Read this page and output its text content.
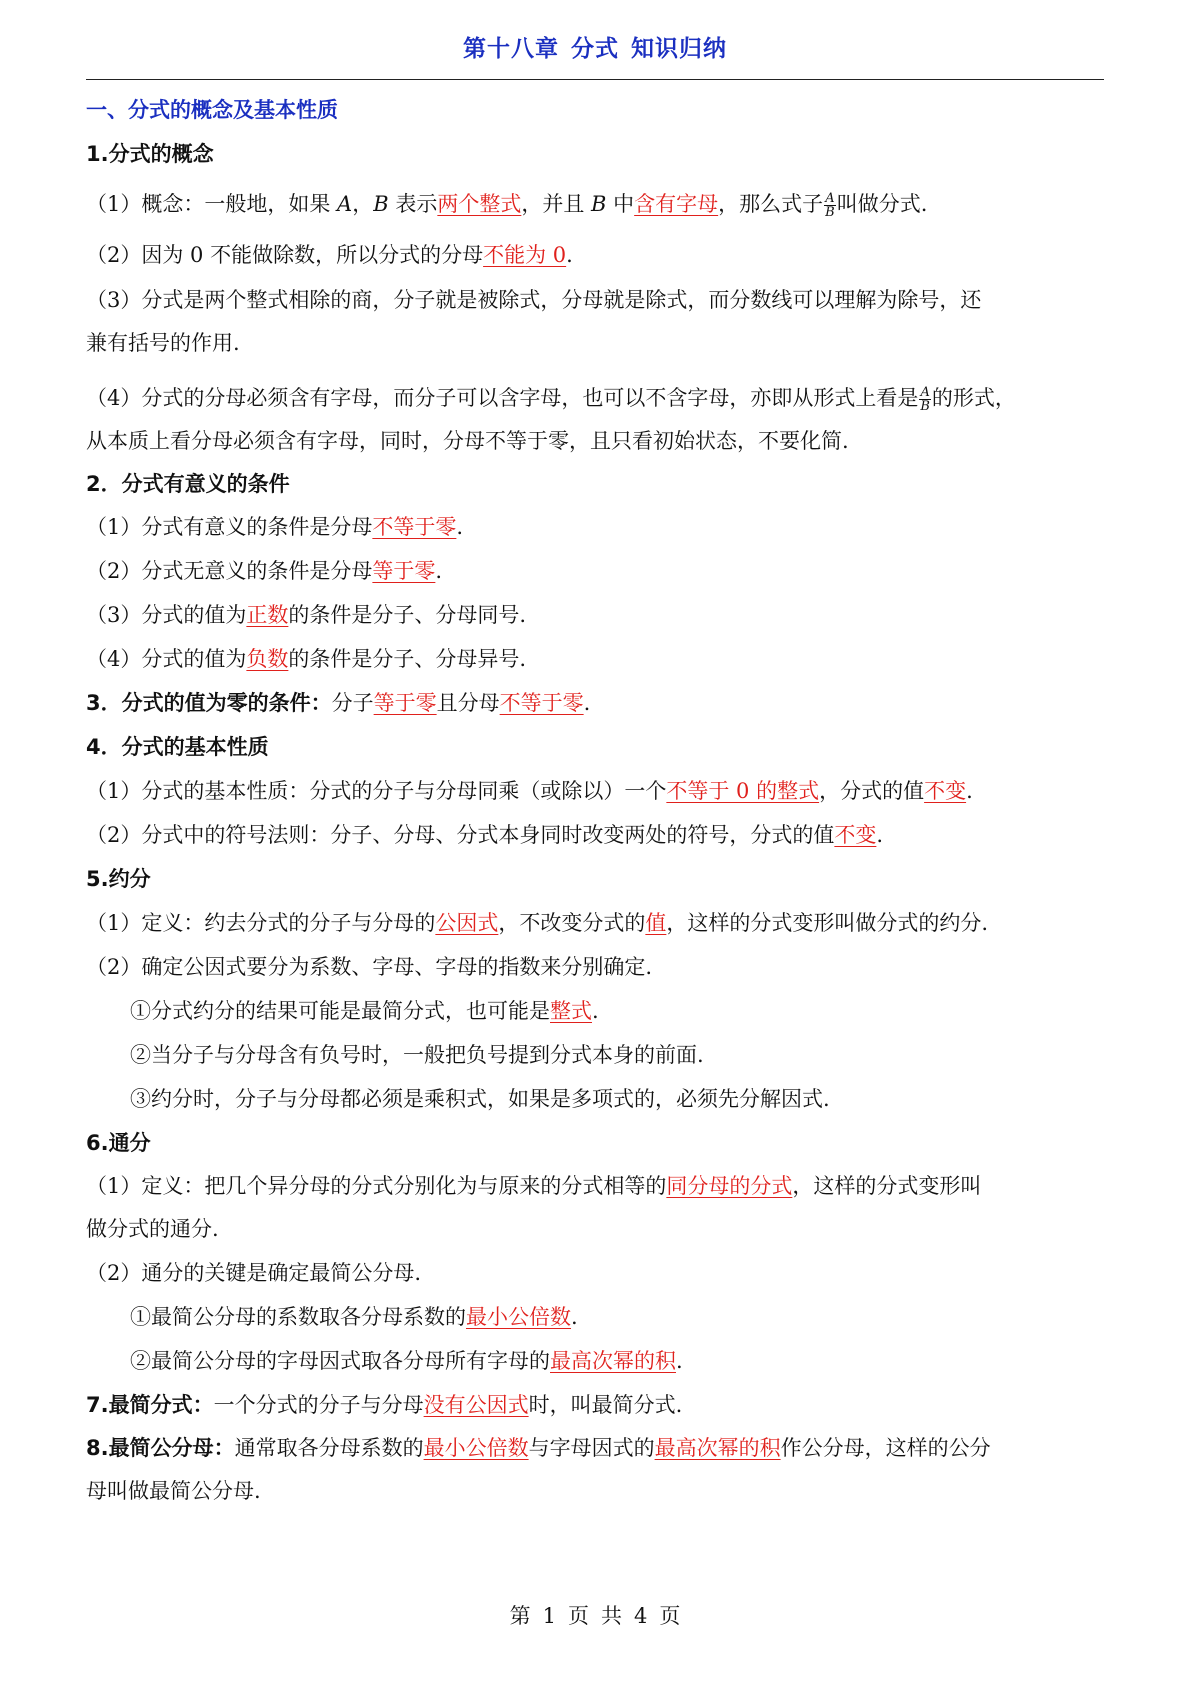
第十八章 分式 知识归纳
一、分式的概念及基本性质
1.分式的概念
（1）概念：一般地，如果 A，B 表示两个整式，并且 B 中含有字母，那么式子 $\frac{A}{B}$ 叫做分式.
（2）因为 0 不能做除数，所以分式的分母不能为 0.
（3）分式是两个整式相除的商，分子就是被除式，分母就是除式，而分数线可以理解为除号，还
兼有括号的作用.
（4）分式的分母必须含有字母，而分子可以含字母，也可以不含字母，亦即从形式上看是 $\frac{A}{B}$ 的形式，
从本质上看分母必须含有字母，同时，分母不等于零，且只看初始状态，不要化简.
2．分式有意义的条件
（1）分式有意义的条件是分母不等于零.
（2）分式无意义的条件是分母等于零.
（3）分式的值为正数的条件是分子、分母同号.
（4）分式的值为负数的条件是分子、分母异号.
3．分式的值为零的条件：分子等于零且分母不等于零.
4．分式的基本性质
（1）分式的基本性质：分式的分子与分母同乘（或除以）一个不等于 0 的整式，分式的值不变.
（2）分式中的符号法则：分子、分母、分式本身同时改变两处的符号，分式的值不变.
5.约分
（1）定义：约去分式的分子与分母的公因式，不改变分式的值，这样的分式变形叫做分式的约分.
（2）确定公因式要分为系数、字母、字母的指数来分别确定.
①分式约分的结果可能是最简分式，也可能是整式.
②当分子与分母含有负号时，一般把负号提到分式本身的前面.
③约分时，分子与分母都必须是乘积式，如果是多项式的，必须先分解因式.
6.通分
（1）定义：把几个异分母的分式分别化为与原来的分式相等的同分母的分式，这样的分式变形叫
做分式的通分.
（2）通分的关键是确定最简公分母.
①最简公分母的系数取各分母系数的最小公倍数.
②最简公分母的字母因式取各分母所有字母的最高次幂的积.
7.最简分式：一个分式的分子与分母没有公因式时，叫最简分式.
8.最简公分母：通常取各分母系数的最小公倍数与字母因式的最高次幂的积作公分母，这样的公分
母叫做最简公分母.
第 1 页 共 4 页
